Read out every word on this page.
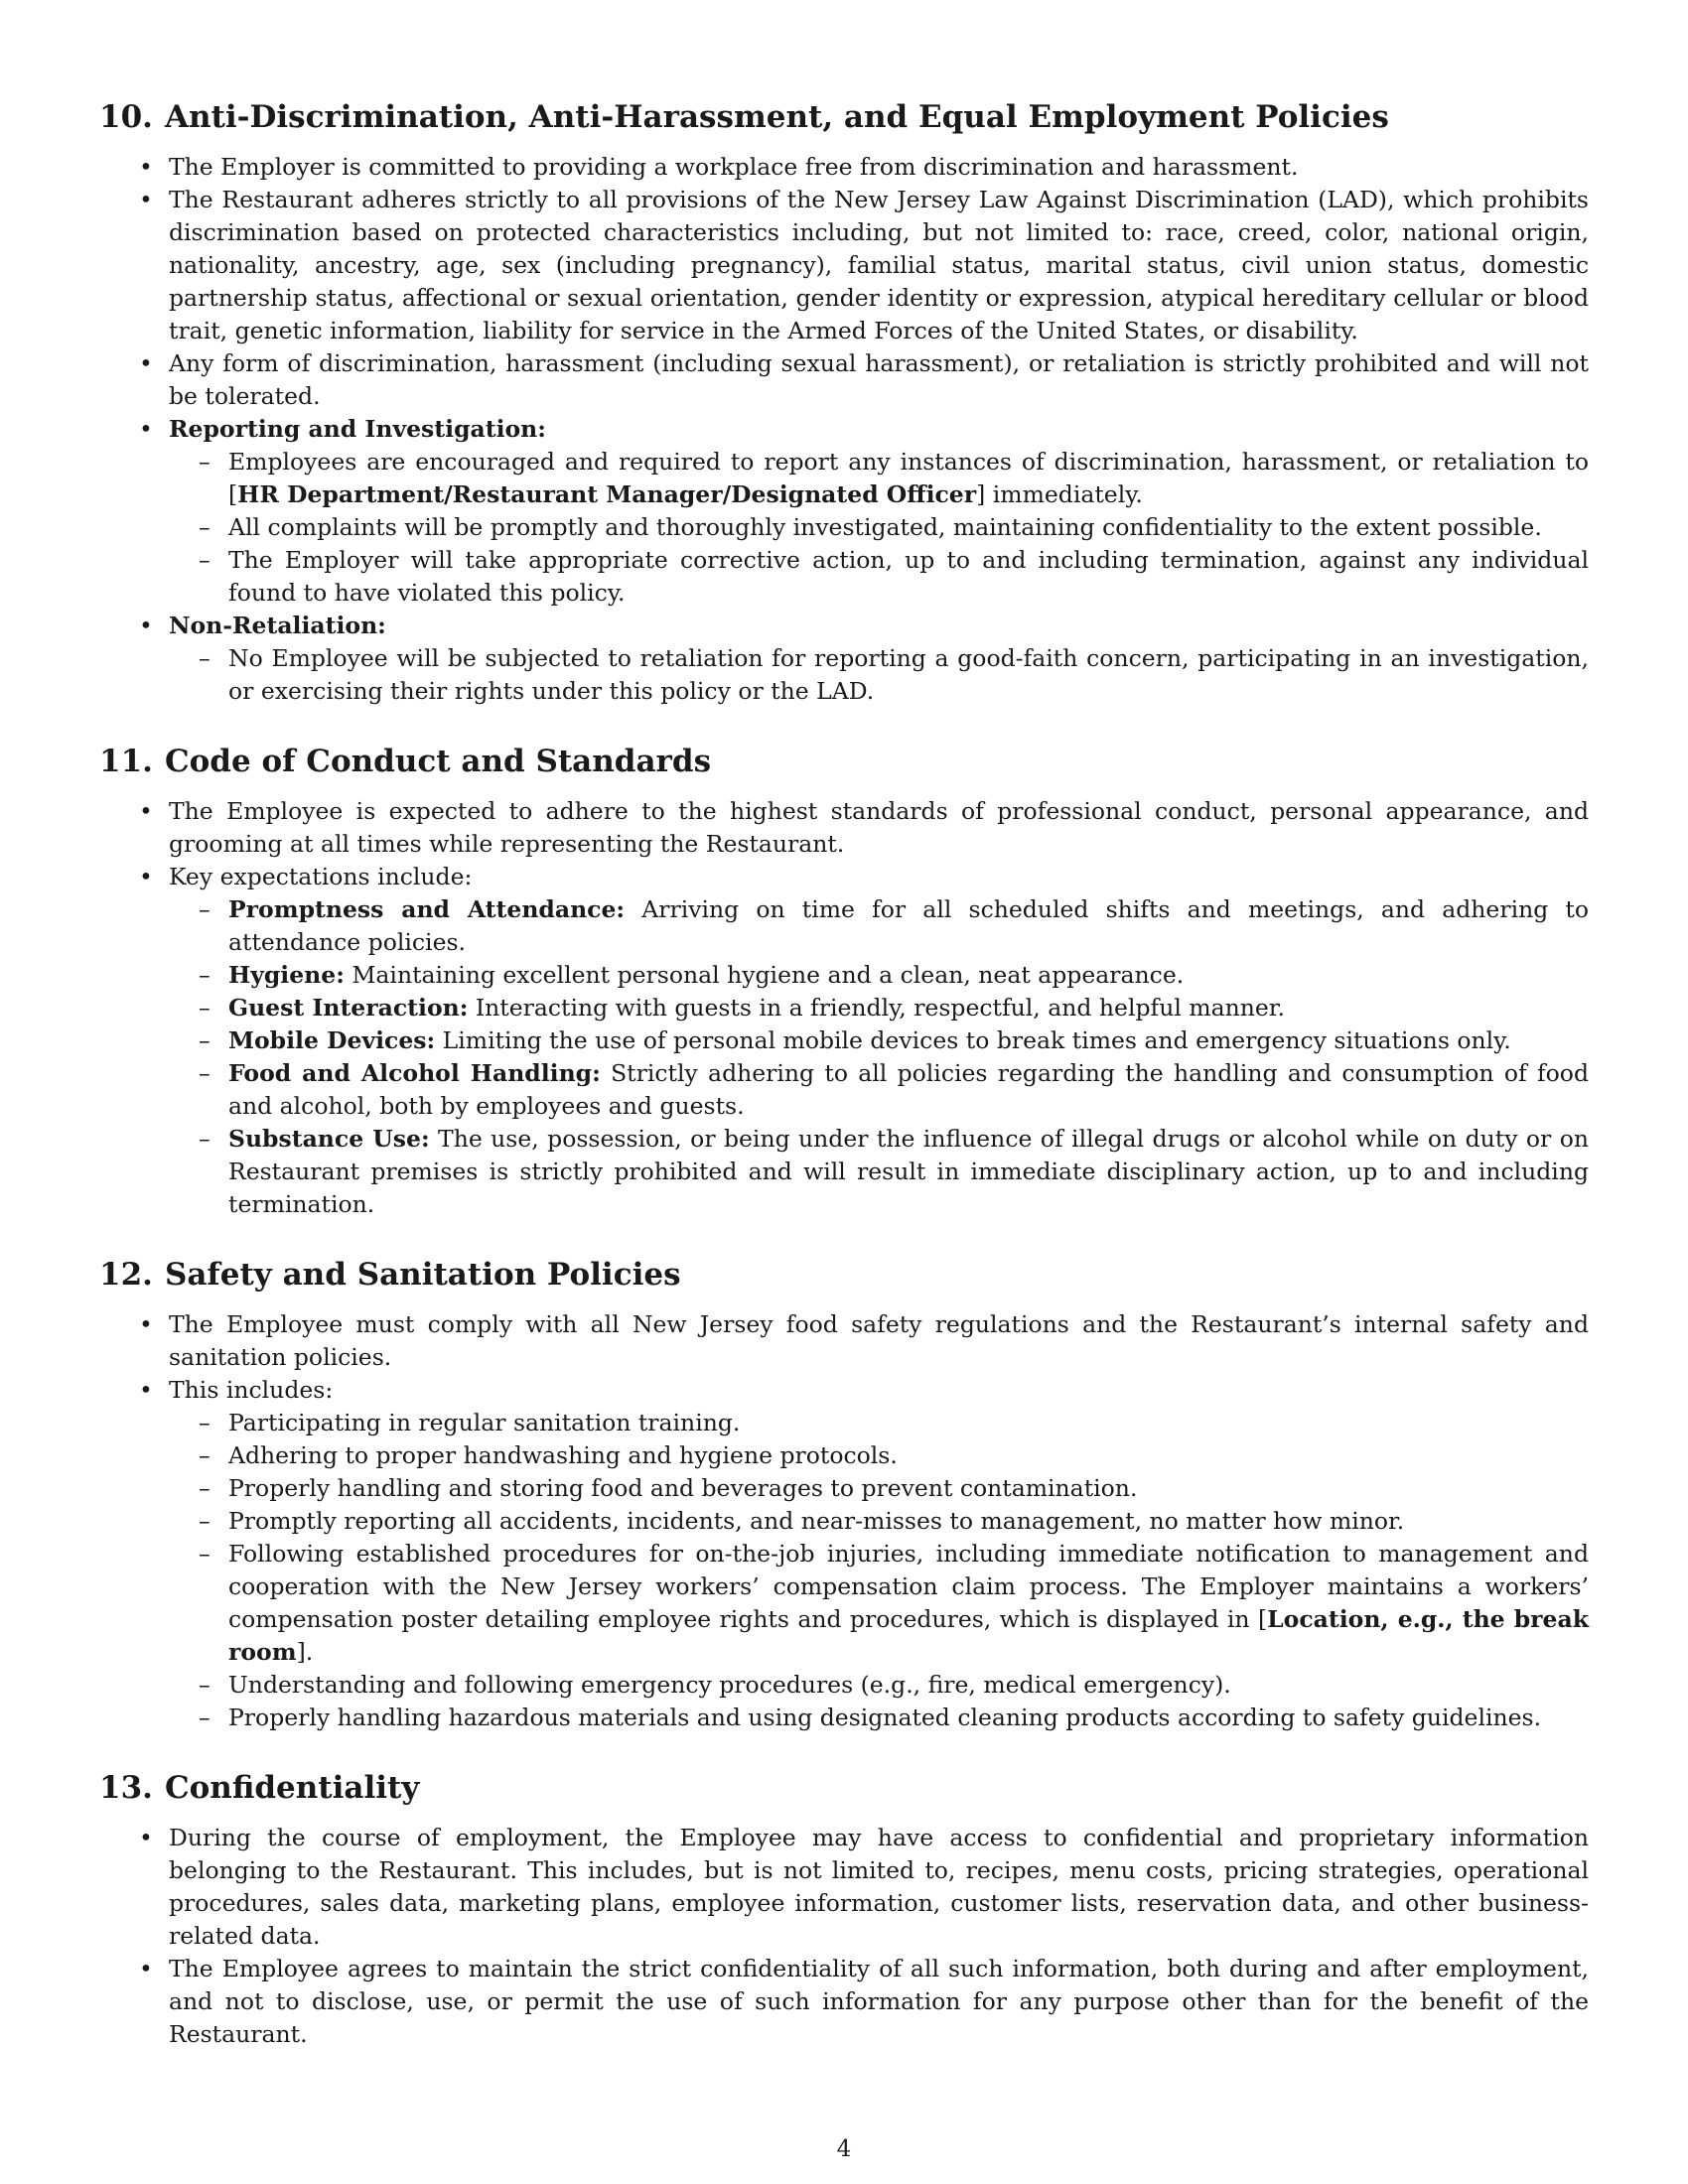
10. Anti-Discrimination, Anti-Harassment, and Equal Employment Policies
• The Employer is committed to providing a workplace free from discrimination and harassment.
• The Restaurant adheres strictly to all provisions of the New Jersey Law Against Discrimination (LAD), which prohibits discrimination based on protected characteristics including, but not limited to: race, creed, color, national origin, nationality, ancestry, age, sex (including pregnancy), familial status, marital status, civil union status, domestic partnership status, affectional or sexual orientation, gender identity or expression, atypical hereditary cellular or blood trait, genetic information, liability for service in the Armed Forces of the United States, or disability.
• Any form of discrimination, harassment (including sexual harassment), or retaliation is strictly prohibited and will not be tolerated.
• Reporting and Investigation:
– Employees are encouraged and required to report any instances of discrimination, harassment, or retaliation to [HR Department/Restaurant Manager/Designated Officer] immediately.
– All complaints will be promptly and thoroughly investigated, maintaining confidentiality to the extent possible.
– The Employer will take appropriate corrective action, up to and including termination, against any individual found to have violated this policy.
• Non-Retaliation:
– No Employee will be subjected to retaliation for reporting a good-faith concern, participating in an investigation, or exercising their rights under this policy or the LAD.
11. Code of Conduct and Standards
• The Employee is expected to adhere to the highest standards of professional conduct, personal appearance, and grooming at all times while representing the Restaurant.
• Key expectations include:
– Promptness and Attendance: Arriving on time for all scheduled shifts and meetings, and adhering to attendance policies.
– Hygiene: Maintaining excellent personal hygiene and a clean, neat appearance.
– Guest Interaction: Interacting with guests in a friendly, respectful, and helpful manner.
– Mobile Devices: Limiting the use of personal mobile devices to break times and emergency situations only.
– Food and Alcohol Handling: Strictly adhering to all policies regarding the handling and consumption of food and alcohol, both by employees and guests.
– Substance Use: The use, possession, or being under the influence of illegal drugs or alcohol while on duty or on Restaurant premises is strictly prohibited and will result in immediate disciplinary action, up to and including termination.
12. Safety and Sanitation Policies
• The Employee must comply with all New Jersey food safety regulations and the Restaurant’s internal safety and sanitation policies.
• This includes:
– Participating in regular sanitation training.
– Adhering to proper handwashing and hygiene protocols.
– Properly handling and storing food and beverages to prevent contamination.
– Promptly reporting all accidents, incidents, and near-misses to management, no matter how minor.
– Following established procedures for on-the-job injuries, including immediate notification to management and cooperation with the New Jersey workers’ compensation claim process. The Employer maintains a workers’ compensation poster detailing employee rights and procedures, which is displayed in [Location, e.g., the break room].
– Understanding and following emergency procedures (e.g., fire, medical emergency).
– Properly handling hazardous materials and using designated cleaning products according to safety guidelines.
13. Confidentiality
• During the course of employment, the Employee may have access to confidential and proprietary information belonging to the Restaurant. This includes, but is not limited to, recipes, menu costs, pricing strategies, operational procedures, sales data, marketing plans, employee information, customer lists, reservation data, and other business-related data.
• The Employee agrees to maintain the strict confidentiality of all such information, both during and after employment, and not to disclose, use, or permit the use of such information for any purpose other than for the benefit of the Restaurant.
4
